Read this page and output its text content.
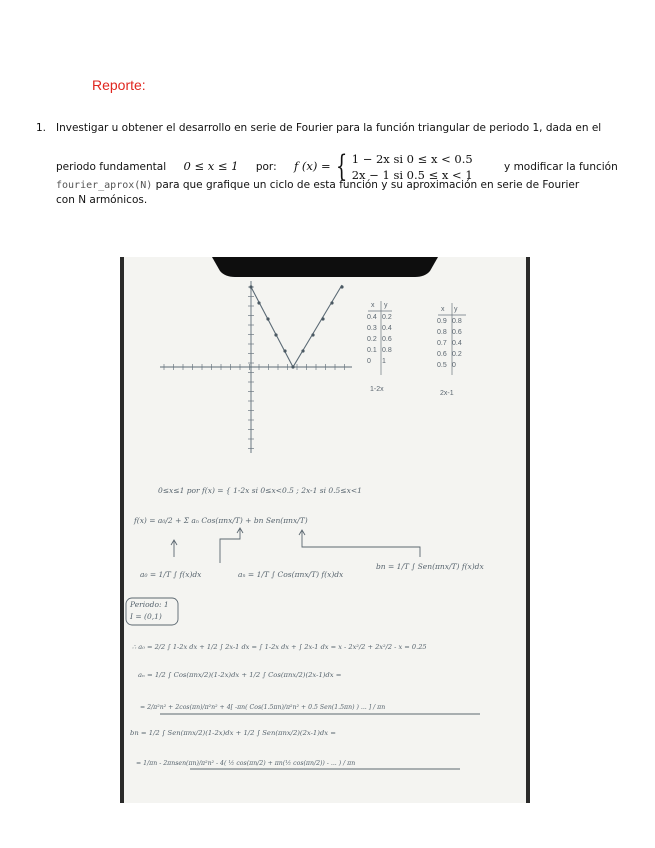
Reporte:
1. Investigar u obtener el desarrollo en serie de Fourier para la función triangular de periodo 1, dada en el
periodo fundamental 0 ≤ x ≤ 1 por: f (x) = { 1 − 2x si 0 ≤ x < 0.5
2x − 1 si 0.5 ≤ x < 1
y modificar la función
fourier_aprox(N) para que grafique un ciclo de esta función y su aproximación en serie de Fourier
con N armónicos.
x y
0.4 0.2
0.3 0.4
0.2 0.6
0.1 0.8
0 1
x y
0.9 0.8
0.8 0.6
0.7 0.4
0.6 0.2
0.5 0
1-2x
2x-1
0≤x≤1 por f(x) = { 1-2x si 0≤x<0.5 ; 2x-1 si 0.5≤x<1
f(x) = a₀/2 + Σ aₙ Cos(πnx/T) + bn Sen(πnx/T)
a₀ = 1/T ∫ f(x)dx	aₙ = 1/T ∫ Cos(πnx/T) f(x)dx
bn = 1/T ∫ Sen(πnx/T) f(x)dx
Periodo: 1
I = (0,1)
∴ a₀ = 2/2 ∫ 1-2x dx + 1/2 ∫ 2x-1 dx = ∫ 1-2x dx + ∫ 2x-1 dx = x - 2x²/2 + 2x²/2 - x = 0.25
aₙ = 1/2 ∫ Cos(πnx/2)(1-2x)dx + 1/2 ∫ Cos(πnx/2)(2x-1)dx =
= 2/π²n² + 2cos(πn)/π²n² + 4[ -πn( Cos(1.5πn)/π²n² + 0.5 Sen(1.5πn) ) ... ] / πn
bn = 1/2 ∫ Sen(πnx/2)(1-2x)dx + 1/2 ∫ Sen(πnx/2)(2x-1)dx =
= 1/πn - 2πnsen(πn)/π²n² - 4( ½ cos(πn/2) + πn(½ cos(πn/2)) - ... ) / πn
